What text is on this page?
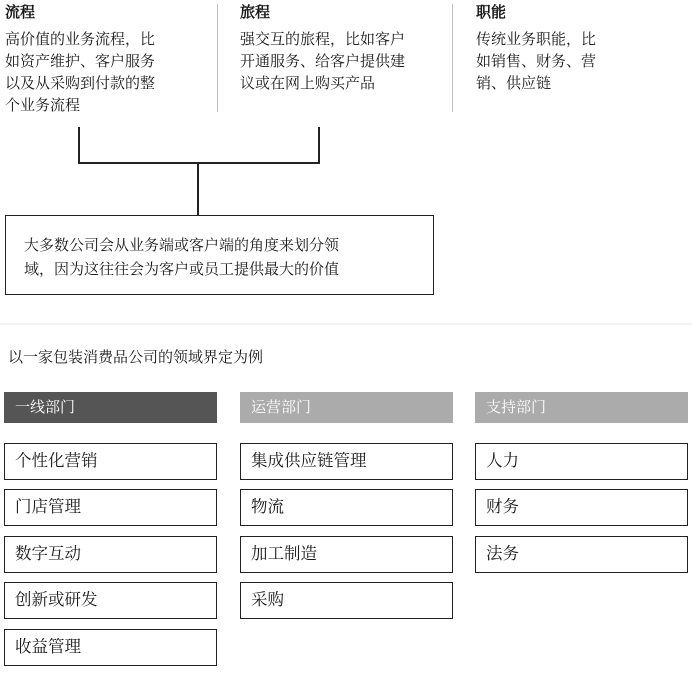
流程
高价值的业务流程，比
如资产维护、客户服务
以及从采购到付款的整
个业务流程
旅程
强交互的旅程，比如客户
开通服务、给客户提供建
议或在网上购买产品
职能
传统业务职能，比
如销售、财务、营
销、供应链
大多数公司会从业务端或客户端的角度来划分领
域，因为这往往会为客户或员工提供最大的价值
以一家包装消费品公司的领域界定为例
一线部门	运营部门	支持部门
个性化营销
门店管理
数字互动
创新或研发
收益管理
集成供应链管理
物流
加工制造
采购
人力
财务
法务
